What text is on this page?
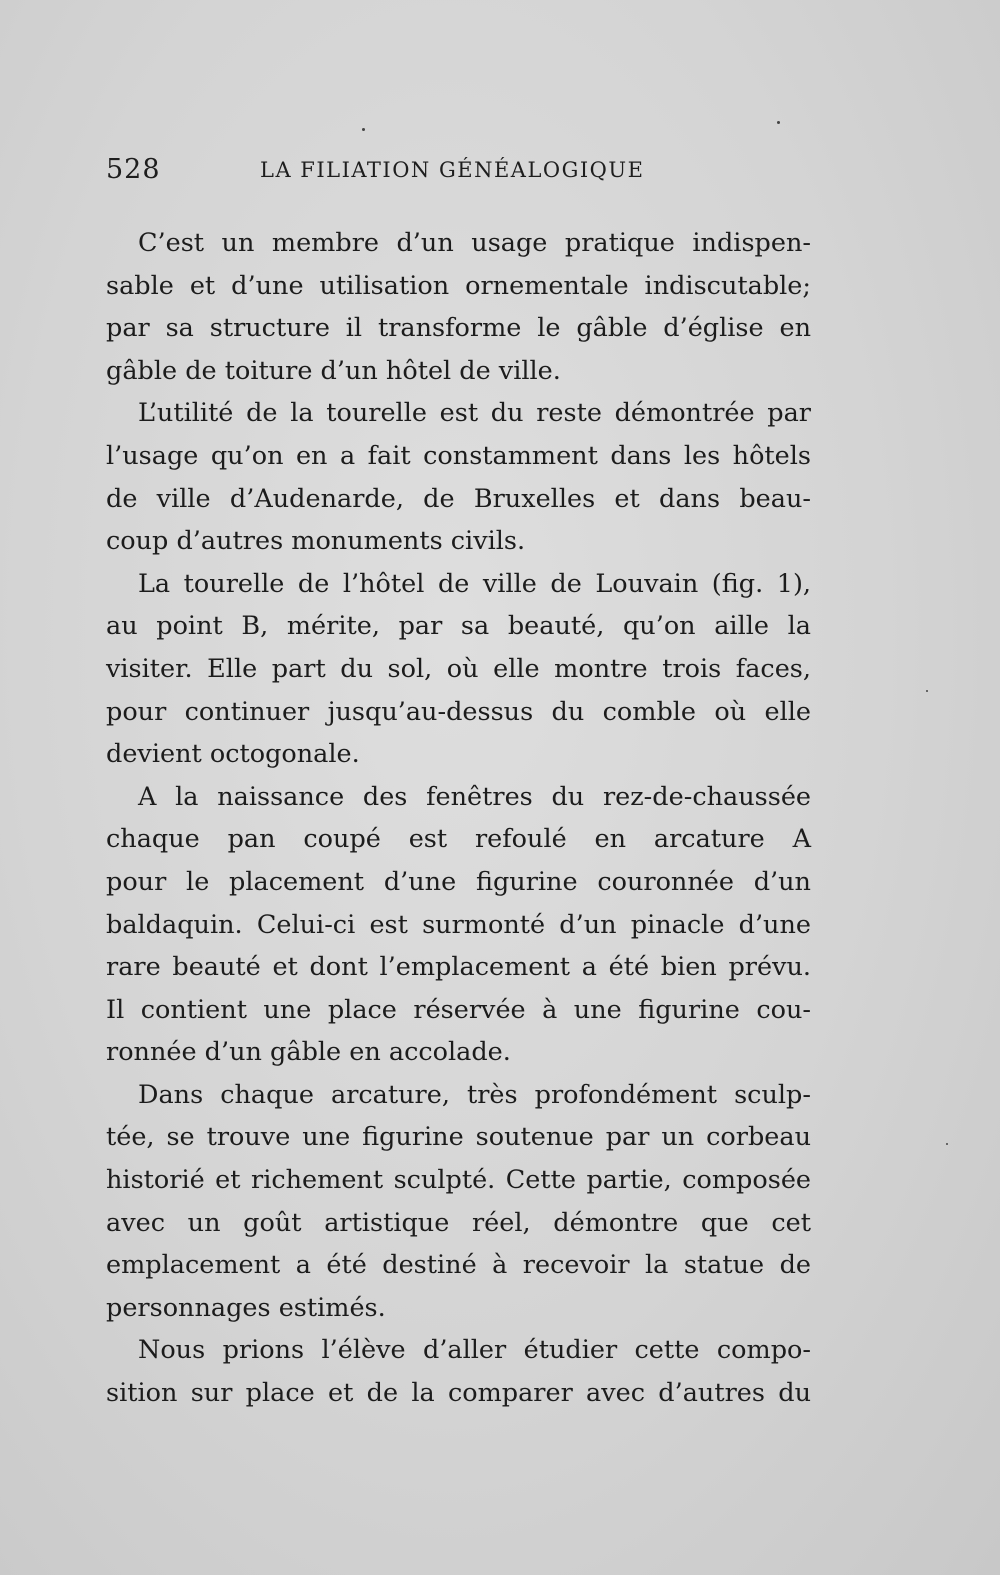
528	LA FILIATION GÉNÉALOGIQUE

C’est un membre d’un usage pratique indispen-
sable et d’une utilisation ornementale indiscutable;
par sa structure il transforme le gâble d’église en
gâble de toiture d’un hôtel de ville.

L’utilité de la tourelle est du reste démontrée par
l’usage qu’on en a fait constamment dans les hôtels
de ville d’Audenarde, de Bruxelles et dans beau-
coup d’autres monuments civils.

La tourelle de l’hôtel de ville de Louvain (fig. 1),
au point B, mérite, par sa beauté, qu’on aille la
visiter. Elle part du sol, où elle montre trois faces,
pour continuer jusqu’au-dessus du comble où elle
devient octogonale.

A la naissance des fenêtres du rez-de-chaussée
chaque pan coupé est refoulé en arcature A
pour le placement d’une figurine couronnée d’un
baldaquin. Celui-ci est surmonté d’un pinacle d’une
rare beauté et dont l’emplacement a été bien prévu.
Il contient une place réservée à une figurine cou-
ronnée d’un gâble en accolade.

Dans chaque arcature, très profondément sculp-
tée, se trouve une figurine soutenue par un corbeau
historié et richement sculpté. Cette partie, composée
avec un goût artistique réel, démontre que cet
emplacement a été destiné à recevoir la statue de
personnages estimés.

Nous prions l’élève d’aller étudier cette compo-
sition sur place et de la comparer avec d’autres du
